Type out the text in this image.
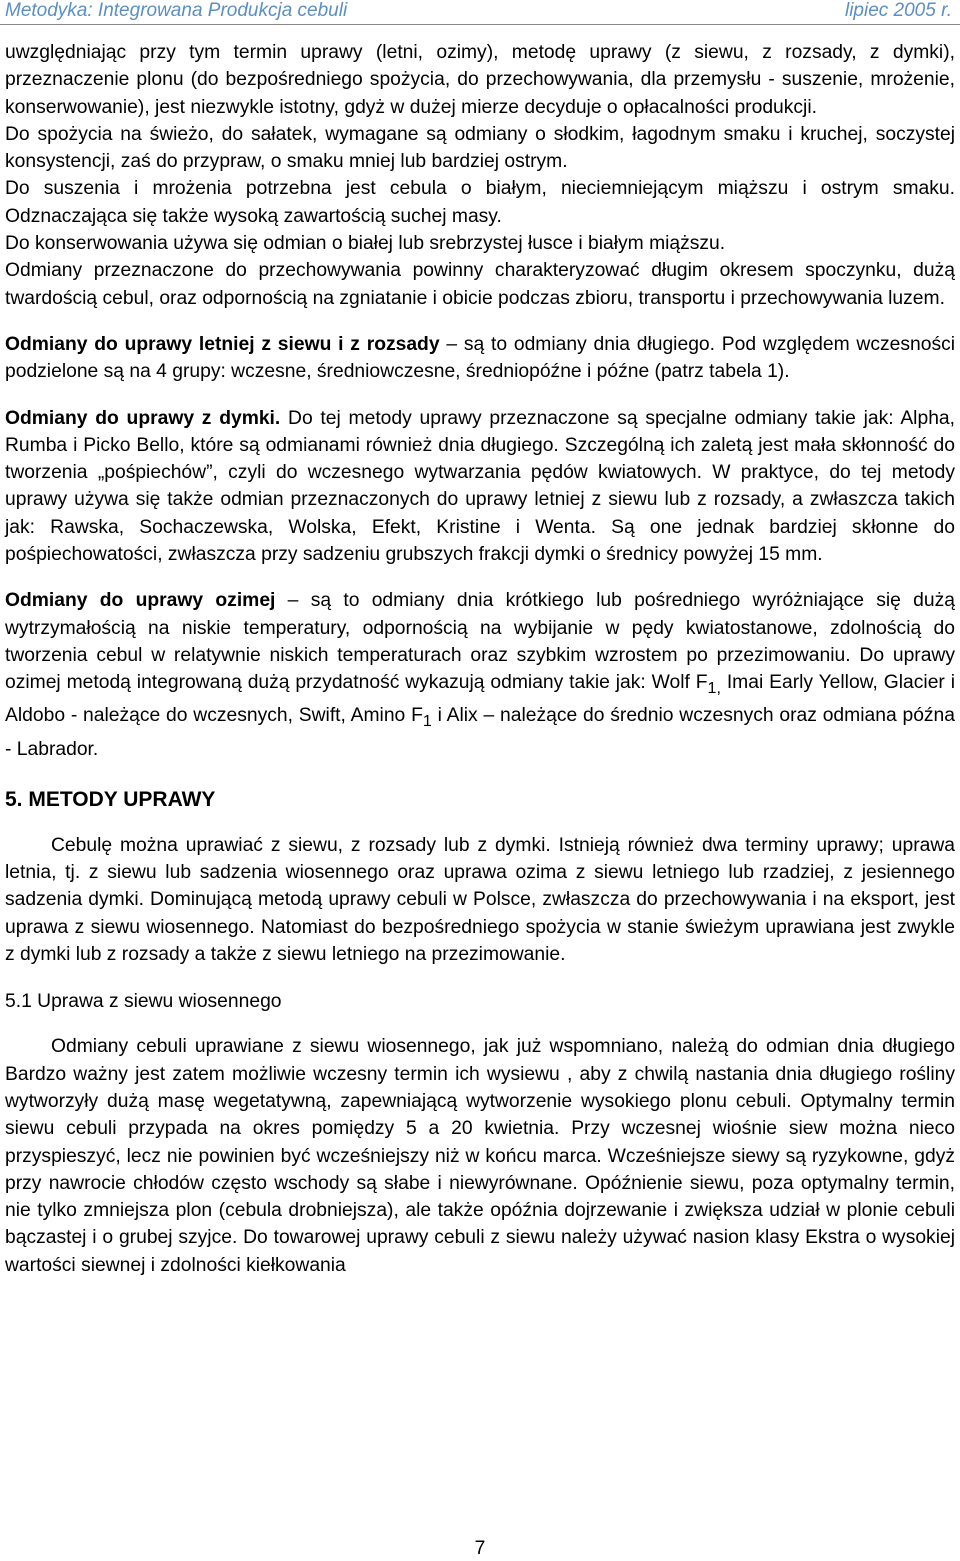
Metodyka: Integrowana Produkcja cebuli	lipiec 2005 r.

uwzględniając przy tym termin uprawy (letni, ozimy), metodę uprawy (z siewu, z rozsady, z dymki), przeznaczenie plonu (do bezpośredniego spożycia, do przechowywania, dla przemysłu - suszenie, mrożenie, konserwowanie), jest niezwykle istotny, gdyż w dużej mierze decyduje o opłacalności produkcji.

Do spożycia na świeżo, do sałatek, wymagane są odmiany o słodkim, łagodnym smaku i kruchej, soczystej konsystencji, zaś do przypraw, o smaku mniej lub bardziej ostrym.

Do suszenia i mrożenia potrzebna jest cebula o białym, nieciemniejącym miąższu i ostrym smaku. Odznaczająca się także wysoką zawartością suchej masy.

Do konserwowania używa się odmian o białej lub srebrzystej łusce i białym miąższu.

Odmiany przeznaczone do przechowywania powinny charakteryzować długim okresem spoczynku, dużą twardością cebul, oraz odpornością na zgniatanie i obicie podczas zbioru, transportu i przechowywania luzem.

Odmiany do uprawy letniej z siewu i z rozsady – są to odmiany dnia długiego. Pod względem wczesności podzielone są na 4 grupy: wczesne, średniowczesne, średniopóźne i późne (patrz tabela 1).

Odmiany do uprawy z dymki. Do tej metody uprawy przeznaczone są specjalne odmiany takie jak: Alpha, Rumba i Picko Bello, które są odmianami również dnia długiego. Szczególną ich zaletą jest mała skłonność do tworzenia „pośpiechów”, czyli do wczesnego wytwarzania pędów kwiatowych. W praktyce, do tej metody uprawy używa się także odmian przeznaczonych do uprawy letniej z siewu lub z rozsady, a zwłaszcza takich jak: Rawska, Sochaczewska, Wolska, Efekt, Kristine i Wenta. Są one jednak bardziej skłonne do pośpiechowatości, zwłaszcza przy sadzeniu grubszych frakcji dymki o średnicy powyżej 15 mm.

Odmiany do uprawy ozimej – są to odmiany dnia krótkiego lub pośredniego wyróżniające się dużą wytrzymałością na niskie temperatury, odpornością na wybijanie w pędy kwiatostanowe, zdolnością do tworzenia cebul w relatywnie niskich temperaturach oraz szybkim wzrostem po przezimowaniu. Do uprawy ozimej metodą integrowaną dużą przydatność wykazują odmiany takie jak: Wolf $F_{1,}$ Imai Early Yellow, Glacier i Aldobo - należące do wczesnych, Swift, Amino $F_1$ i Alix – należące do średnio wczesnych oraz odmiana późna - Labrador.

5. METODY UPRAWY

Cebulę można uprawiać z siewu, z rozsady lub z dymki. Istnieją również dwa terminy uprawy; uprawa letnia, tj. z siewu lub sadzenia wiosennego oraz uprawa ozima z siewu letniego lub rzadziej, z jesiennego sadzenia dymki. Dominującą metodą uprawy cebuli w Polsce, zwłaszcza do przechowywania i na eksport, jest uprawa z siewu wiosennego. Natomiast do bezpośredniego spożycia w stanie świeżym uprawiana jest zwykle z dymki lub z rozsady a także z siewu letniego na przezimowanie.

5.1 Uprawa z siewu wiosennego

Odmiany cebuli uprawiane z siewu wiosennego, jak już wspomniano, należą do odmian dnia długiego Bardzo ważny jest zatem możliwie wczesny termin ich wysiewu , aby z chwilą nastania dnia długiego rośliny wytworzyły dużą masę wegetatywną, zapewniającą wytworzenie wysokiego plonu cebuli. Optymalny termin siewu cebuli przypada na okres pomiędzy 5 a 20 kwietnia. Przy wczesnej wiośnie siew można nieco przyspieszyć, lecz nie powinien być wcześniejszy niż w końcu marca. Wcześniejsze siewy są ryzykowne, gdyż przy nawrocie chłodów często wschody są słabe i niewyrównane. Opóźnienie siewu, poza optymalny termin, nie tylko zmniejsza plon (cebula drobniejsza), ale także opóźnia dojrzewanie i zwiększa udział w plonie cebuli bączastej i o grubej szyjce. Do towarowej uprawy cebuli z siewu należy używać nasion klasy Ekstra o wysokiej wartości siewnej i zdolności kiełkowania

7
